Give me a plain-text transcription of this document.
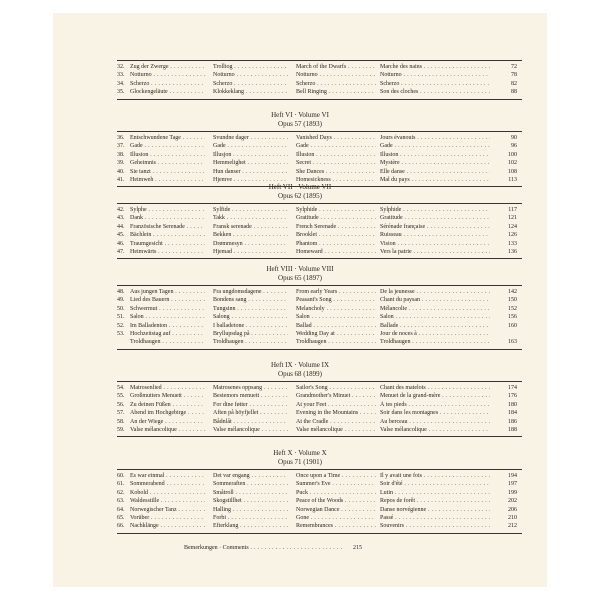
32. Zug der Zwerge . . .	Trolltog . . .	March of the Dwarfs . . .	Marche des nains . . .	72
33. Notturno . . .	Notturno . . .	Notturno . . .	Notturno . . .	78
34. Scherzo . . .	Scherzo . . .	Scherzo . . .	Scherzo . . .	82
35. Glockengeläute . . .	Klokkeklang . . .	Bell Ringing . . .	Son des cloches . . .	88
Heft VI · Volume VI
Opus 57 (1893)
36. Entschwundene Tage . . .	Svundne dager . . .	Vanished Days . . .	Jours évanouis . . .	90
37. Gade . . .	Gade . . .	Gade . . .	Gade . . .	96
38. Illusion . . .	Illusjon . . .	Illusion . . .	Illusion . . .	100
39. Geheimnis . . .	Hemmelighet . . .	Secret . . .	Mystère . . .	102
40. Sie tanzt . . .	Hun danser . . .	She Dances . . .	Elle danse . . .	108
41. Heimweh . . .	Hjemve . . .	Homesickness . . .	Mal du pays . . .	113
Heft VII · Volume VII
Opus 62 (1895)
42. Sylphe . . .	Sylfide . . .	Sylphide . . .	Sylphide . . .	117
43. Dank . . .	Takk . . .	Gratitude . . .	Gratitude . . .	121
44. Französische Serenade . . .	Fransk serenade . . .	French Serenade . . .	Sérénade française . . .	124
45. Bächlein . . .	Bekken . . .	Brooklet . . .	Ruisseau . . .	126
46. Traumgesicht . . .	Drømmesyn . . .	Phantom . . .	Vision . . .	133
47. Heimwärts . . .	Hjemad . . .	Homeward . . .	Vers la patrie . . .	136
Heft VIII · Volume VIII
Opus 65 (1897)
48. Aus jungen Tagen . . .	Fra ungdomsdagene . . .	From early Years . . .	De la jeunesse . . .	142
49. Lied des Bauern . . .	Bondens sang . . .	Peasant's Song . . .	Chant du paysan . . .	150
50. Schwermut . . .	Tungsinn . . .	Melancholy . . .	Mélancolie . . .	152
51. Salon . . .	Salong . . .	Salon . . .	Salon . . .	156
52. Im Balladenton . . .	I balladetone . . .	Ballad . . .	Ballade . . .	160
53. Hochzeitstag auf . . .	Bryllupsdag på . . .	Wedding Day at . . .	Jour de noces à . . .
Troldhaugen . . .	Troldhaugen . . .	Troldhaugen . . .	Troldhaugen . . .	163
Heft IX · Volume IX
Opus 68 (1899)
54. Matrosenlied . . .	Matrosenes oppsang . . .	Sailor's Song . . .	Chant des matelots . . .	174
55. Großmutters Menuett . . .	Bestemors menuett . . .	Grandmother's Minuet . . .	Menuet de la grand-mère . . .	176
56. Zu deinen Füßen . . .	For dine føtter . . .	At your Feet . . .	À tes pieds . . .	180
57. Abend im Hochgebirge . . .	Aften på höyfjellet . . .	Evening in the Mountains . . .	Soir dans les montagnes . . .	184
58. An der Wiege . . .	Bådnlåt . . .	At the Cradle . . .	Au berceau . . .	186
59. Valse mélancolique . . .	Valse mélancolique . . .	Valse mélancolique . . .	Valse mélancolique . . .	188
Heft X · Volume X
Opus 71 (1901)
60. Es war einmal . . .	Det var engang . . .	Once upon a Time . . .	Il y avait une fois . . .	194
61. Sommerabend . . .	Sommeraften . . .	Summer's Eve . . .	Soir d'été . . .	197
62. Kobold . . .	Småtroll . . .	Puck . . .	Lutin . . .	199
63. Waldesstille . . .	Skogstillhet . . .	Peace of the Woods . . .	Repos de forêt . . .	202
64. Norwegischer Tanz . . .	Halling . . .	Norwegian Dance . . .	Danse norvégienne . . .	206
65. Vorüber . . .	Forbi . . .	Gone . . .	Passé . . .	210
66. Nachklänge . . .	Efterklang . . .	Remembrances . . .	Souvenirs . . .	212
Bemerkungen · Comments . . .	215
